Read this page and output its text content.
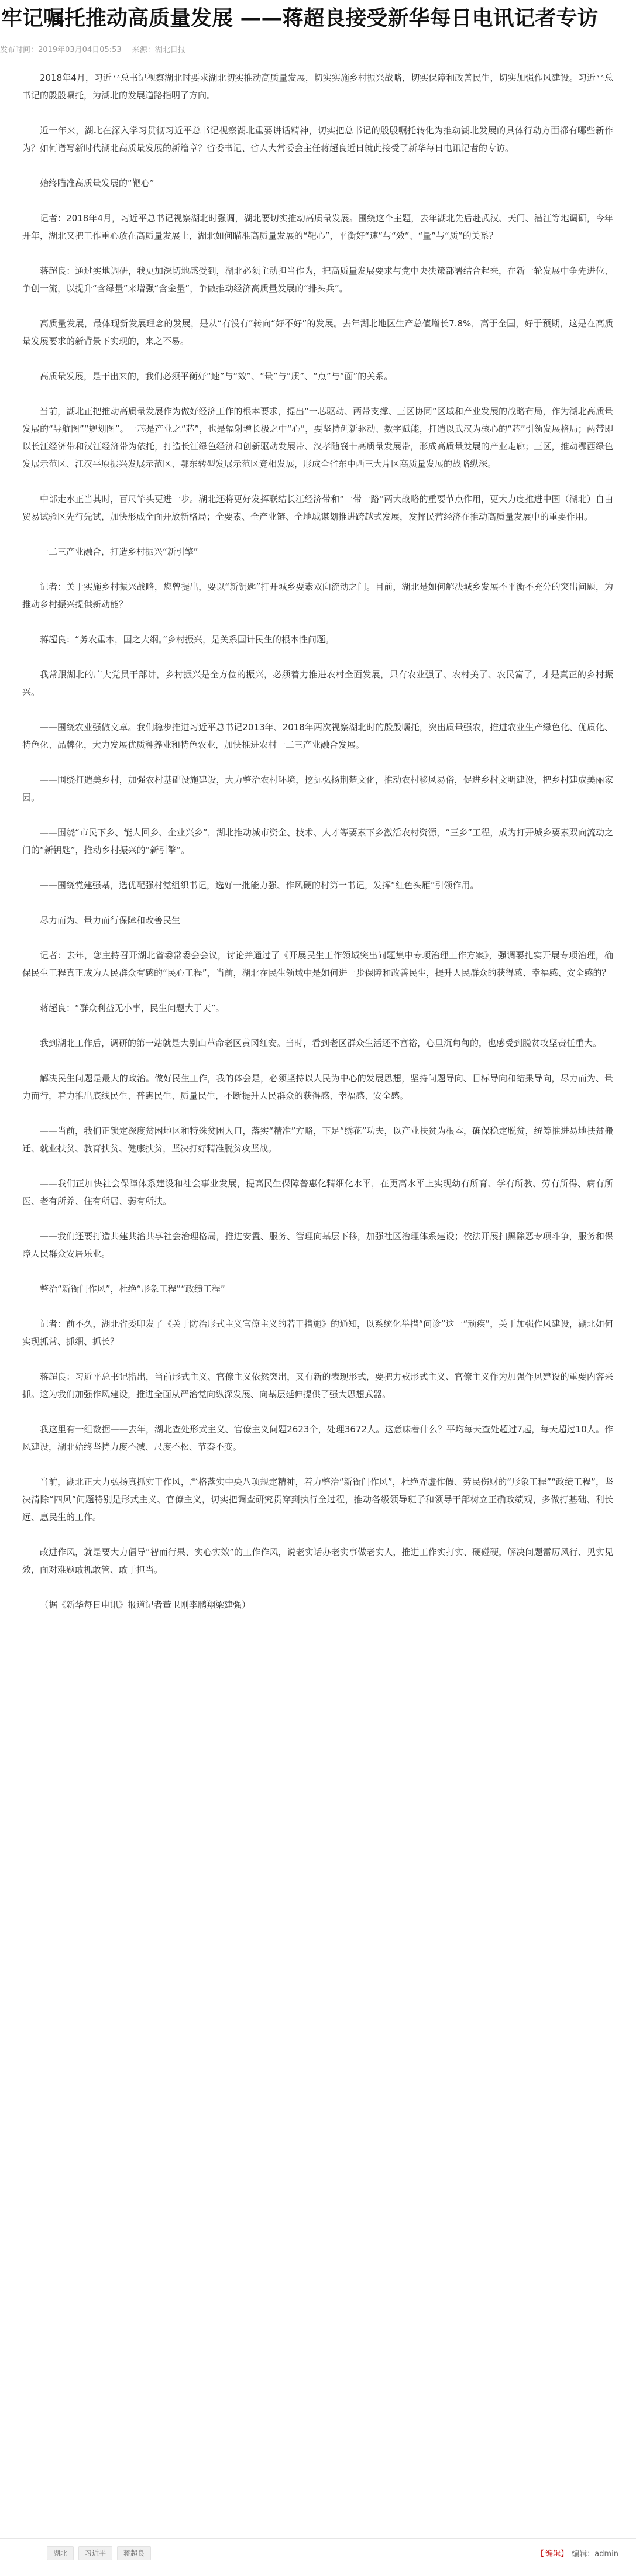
牢记嘱托推动高质量发展 ——蒋超良接受新华每日电讯记者专访
发布时间：2019年03月04日05:53 来源：湖北日报

2018年4月，习近平总书记视察湖北时要求湖北切实推动高质量发展，切实实施乡村振兴战略，切实保障和改善民生，切实加强作风建设。习近平总书记的殷殷嘱托，为湖北的发展道路指明了方向。

近一年来，湖北在深入学习贯彻习近平总书记视察湖北重要讲话精神，切实把总书记的殷殷嘱托转化为推动湖北发展的具体行动方面都有哪些新作为？如何谱写新时代湖北高质量发展的新篇章？省委书记、省人大常委会主任蒋超良近日就此接受了新华每日电讯记者的专访。

始终瞄准高质量发展的“靶心”

记者：2018年4月，习近平总书记视察湖北时强调，湖北要切实推动高质量发展。围绕这个主题，去年湖北先后赴武汉、天门、潜江等地调研，今年开年，湖北又把工作重心放在高质量发展上，湖北如何瞄准高质量发展的“靶心”，平衡好“速”与“效”、“量”与“质”的关系？

蒋超良：通过实地调研，我更加深切地感受到，湖北必须主动担当作为，把高质量发展要求与党中央决策部署结合起来，在新一轮发展中争先进位、争创一流，以提升“含绿量”来增强“含金量”，争做推动经济高质量发展的“排头兵”。

高质量发展，最体现新发展理念的发展，是从“有没有”转向“好不好”的发展。去年湖北地区生产总值增长7.8%，高于全国，好于预期，这是在高质量发展要求的新背景下实现的，来之不易。

高质量发展，是干出来的，我们必须平衡好“速”与“效”、“量”与“质”、“点”与“面”的关系。

当前，湖北正把推动高质量发展作为做好经济工作的根本要求，提出“一芯驱动、两带支撑、三区协同”区域和产业发展的战略布局，作为湖北高质量发展的“导航图”“规划图”。一芯是产业之“芯”，也是辐射增长极之中“心”，要坚持创新驱动、数字赋能，打造以武汉为核心的“芯”引领发展格局；两带即以长江经济带和汉江经济带为依托，打造长江绿色经济和创新驱动发展带、汉孝随襄十高质量发展带，形成高质量发展的产业走廊；三区，推动鄂西绿色发展示范区、江汉平原振兴发展示范区、鄂东转型发展示范区竞相发展，形成全省东中西三大片区高质量发展的战略纵深。

中部走水正当其时，百尺竿头更进一步。湖北还将更好发挥联结长江经济带和“一带一路”两大战略的重要节点作用，更大力度推进中国（湖北）自由贸易试验区先行先试，加快形成全面开放新格局；全要素、全产业链、全地域谋划推进跨越式发展，发挥民营经济在推动高质量发展中的重要作用。

一二三产业融合，打造乡村振兴“新引擎”

记者：关于实施乡村振兴战略，您曾提出，要以“新钥匙”打开城乡要素双向流动之门。目前，湖北是如何解决城乡发展不平衡不充分的突出问题，为推动乡村振兴提供新动能？

蒋超良：“务农重本，国之大纲。”乡村振兴，是关系国计民生的根本性问题。

我常跟湖北的广大党员干部讲，乡村振兴是全方位的振兴，必须着力推进农村全面发展，只有农业强了、农村美了、农民富了，才是真正的乡村振兴。

——围绕农业强做文章。我们稳步推进习近平总书记2013年、2018年两次视察湖北时的殷殷嘱托，突出质量强农，推进农业生产绿色化、优质化、特色化、品牌化，大力发展优质种养业和特色农业，加快推进农村一二三产业融合发展。

——围绕打造美乡村，加强农村基础设施建设，大力整治农村环境，挖掘弘扬荆楚文化，推动农村移风易俗，促进乡村文明建设，把乡村建成美丽家园。

——围绕“市民下乡、能人回乡、企业兴乡”，湖北推动城市资金、技术、人才等要素下乡激活农村资源，“三乡”工程，成为打开城乡要素双向流动之门的“新钥匙”，推动乡村振兴的“新引擎”。

——围绕党建强基，选优配强村党组织书记，选好一批能力强、作风硬的村第一书记，发挥“红色头雁”引领作用。

尽力而为、量力而行保障和改善民生

记者：去年，您主持召开湖北省委常委会会议，讨论并通过了《开展民生工作领域突出问题集中专项治理工作方案》，强调要扎实开展专项治理，确保民生工程真正成为人民群众有感的“民心工程”，当前，湖北在民生领域中是如何进一步保障和改善民生，提升人民群众的获得感、幸福感、安全感的？

蒋超良：“群众利益无小事，民生问题大于天”。

我到湖北工作后，调研的第一站就是大别山革命老区黄冈红安。当时，看到老区群众生活还不富裕，心里沉甸甸的，也感受到脱贫攻坚责任重大。

解决民生问题是最大的政治。做好民生工作，我的体会是，必须坚持以人民为中心的发展思想，坚持问题导向、目标导向和结果导向，尽力而为、量力而行，着力推出底线民生、普惠民生、质量民生，不断提升人民群众的获得感、幸福感、安全感。

——当前，我们正锁定深度贫困地区和特殊贫困人口，落实“精准”方略，下足“绣花”功夫，以产业扶贫为根本，确保稳定脱贫，统筹推进易地扶贫搬迁、就业扶贫、教育扶贫、健康扶贫，坚决打好精准脱贫攻坚战。

——我们正加快社会保障体系建设和社会事业发展，提高民生保障普惠化精细化水平，在更高水平上实现幼有所育、学有所教、劳有所得、病有所医、老有所养、住有所居、弱有所扶。

——我们还要打造共建共治共享社会治理格局，推进安置、服务、管理向基层下移，加强社区治理体系建设；依法开展扫黑除恶专项斗争，服务和保障人民群众安居乐业。

整治“新衙门作风”，杜绝“形象工程”“政绩工程”

记者：前不久，湖北省委印发了《关于防治形式主义官僚主义的若干措施》的通知，以系统化举措“问诊”这一“顽疾”，关于加强作风建设，湖北如何实现抓常、抓细、抓长？

蒋超良：习近平总书记指出，当前形式主义、官僚主义依然突出，又有新的表现形式，要把力戒形式主义、官僚主义作为加强作风建设的重要内容来抓。这为我们加强作风建设，推进全面从严治党向纵深发展、向基层延伸提供了强大思想武器。

我这里有一组数据——去年，湖北查处形式主义、官僚主义问题2623个，处理3672人。这意味着什么？平均每天查处超过7起，每天超过10人。作风建设，湖北始终坚持力度不减、尺度不松、节奏不变。

当前，湖北正大力弘扬真抓实干作风，严格落实中央八项规定精神，着力整治“新衙门作风”，杜绝弄虚作假、劳民伤财的“形象工程”“政绩工程”，坚决清除“四风”问题特别是形式主义、官僚主义，切实把调查研究贯穿到执行全过程，推动各级领导班子和领导干部树立正确政绩观，多做打基础、利长远、惠民生的工作。

改进作风，就是要大力倡导“智而行果、实心实效”的工作作风，说老实话办老实事做老实人，推进工作实打实、硬碰硬，解决问题雷厉风行、见实见效，面对难题敢抓敢管、敢于担当。

（据《新华每日电讯》报道记者董卫刚李鹏翔梁建强）

湖北	习近平	蒋超良	【 编辑】 编辑：admin
